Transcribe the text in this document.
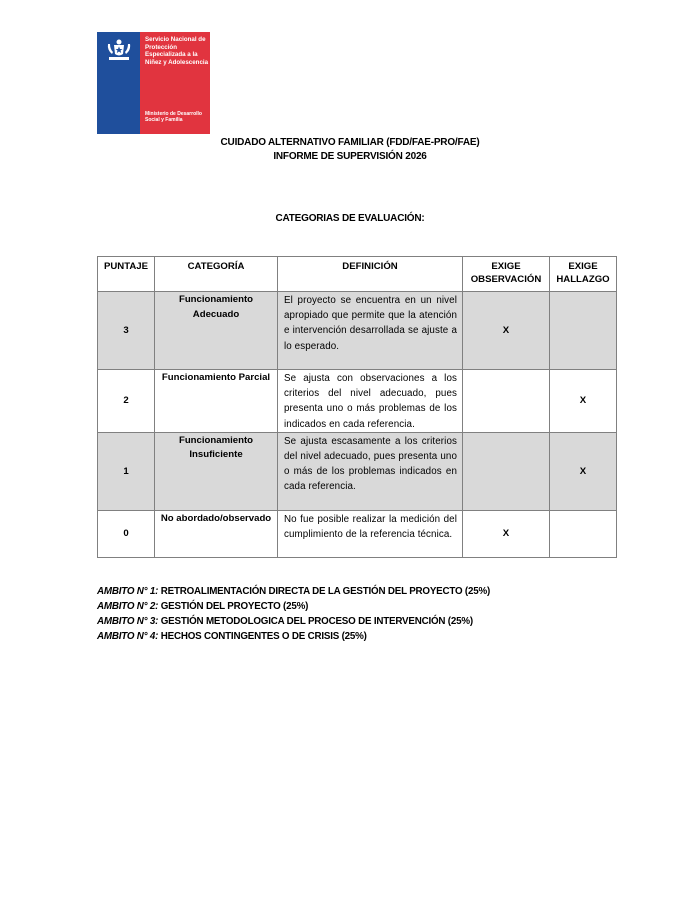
Servicio Nacional de Protección Especializada a la Niñez y Adolescencia
Ministerio de Desarrollo Social y Familia
CUIDADO ALTERNATIVO FAMILIAR (FDD/FAE-PRO/FAE)
INFORME DE SUPERVISIÓN 2026
CATEGORIAS DE EVALUACIÓN:
PUNTAJE	CATEGORÍA	DEFINICIÓN	EXIGE OBSERVACIÓN	EXIGE HALLAZGO
3	Funcionamiento Adecuado	El proyecto se encuentra en un nivel apropiado que permite que la atención e intervención desarrollada se ajuste a lo esperado.	X	
2	Funcionamiento Parcial	Se ajusta con observaciones a los criterios del nivel adecuado, pues presenta uno o más problemas de los indicados en cada referencia.		X
1	Funcionamiento Insuficiente	Se ajusta escasamente a los criterios del nivel adecuado, pues presenta uno o más de los problemas indicados en cada referencia.		X
0	No abordado/observado	No fue posible realizar la medición del cumplimiento de la referencia técnica.	X	
AMBITO N° 1: RETROALIMENTACIÓN DIRECTA DE LA GESTIÓN DEL PROYECTO (25%)
AMBITO N° 2: GESTIÓN DEL PROYECTO (25%)
AMBITO N° 3: GESTIÓN METODOLOGICA DEL PROCESO DE INTERVENCIÓN (25%)
AMBITO N° 4: HECHOS CONTINGENTES O DE CRISIS (25%)
